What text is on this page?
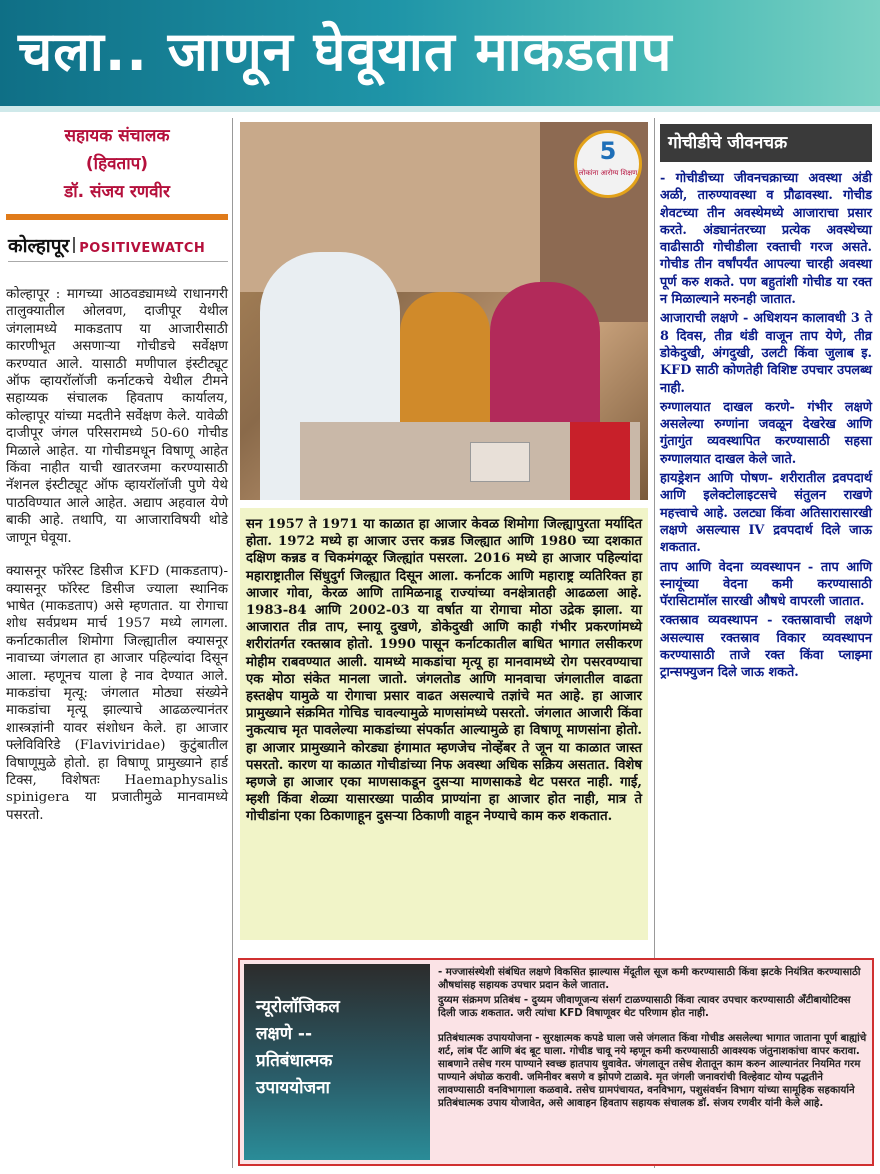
चला.. जाणून घेवूयात माकडताप
सहायक संचालक
(हिवताप)
डॉ. संजय रणवीर
कोल्हापूर POSITIVEWATCH

कोल्हापूर : मागच्या आठवड्यामध्ये राधानगरी तालुक्यातील ओलवण, दाजीपूर येथील जंगलामध्ये माकडताप या आजारीसाठी कारणीभूत असणाऱ्या गोचीडचे सर्वेक्षण करण्यात आले. यासाठी मणीपाल इंस्टीट्यूट ऑफ व्हायरॉलॉजी कर्नाटकचे येथील टीमने सहाय्यक संचालक हिवताप कार्यालय, कोल्हापूर यांच्या मदतीने सर्वेक्षण केले. यावेळी दाजीपूर जंगल परिसरामध्ये 50-60 गोचीड मिळाले आहेत. या गोचीडमधून विषाणू आहेत किंवा नाहीत याची खातरजमा करण्यासाठी नॅशनल इंस्टीट्यूट ऑफ व्हायरॉलॉजी पुणे येथे पाठविण्यात आले आहेत. अद्याप अहवाल येणे बाकी आहे. तथापि, या आजाराविषयी थोडे जाणून घेवूया.

क्यासनूर फॉरेस्ट डिसीज KFD (माकडताप)- क्यासनूर फॉरेस्ट डिसीज ज्याला स्थानिक भाषेत (माकडताप) असे म्हणतात. या रोगाचा शोध सर्वप्रथम मार्च 1957 मध्ये लागला. कर्नाटकातील शिमोगा जिल्ह्यातील क्यासनूर नावाच्या जंगलात हा आजार पहिल्यांदा दिसून आला. म्हणूनच याला हे नाव देण्यात आले. माकडांचा मृत्यू: जंगलात मोठ्या संख्येने माकडांचा मृत्यू झाल्याचे आढळल्यानंतर शास्त्रज्ञांनी यावर संशोधन केले. हा आजार फ्लेविविरिडे (Flaviviridae) कुटुंबातील विषाणूमुळे होतो. हा विषाणू प्रामुख्याने हार्ड टिक्स, विशेषतः Haemaphysalis spinigera या प्रजातीमुळे मानवामध्ये पसरतो.

5
लोकांना आरोग्य शिक्षण
सन 1957 ते 1971 या काळात हा आजार केवळ शिमोगा जिल्ह्यापुरता मर्यादित होता. 1972 मध्ये हा आजार उत्तर कन्नड जिल्ह्यात आणि 1980 च्या दशकात दक्षिण कन्नड व चिकमंगळूर जिल्ह्यांत पसरला. 2016 मध्ये हा आजार पहिल्यांदा महाराष्ट्रातील सिंधुदुर्ग जिल्ह्यात दिसून आला. कर्नाटक आणि महाराष्ट्र व्यतिरिक्त हा आजार गोवा, केरळ आणि तामिळनाडू राज्यांच्या वनक्षेत्रातही आढळला आहे. 1983-84 आणि 2002-03 या वर्षात या रोगाचा मोठा उद्रेक झाला. या आजारात तीव्र ताप, स्नायू दुखणे, डोकेदुखी आणि काही गंभीर प्रकरणांमध्ये शरीरांतर्गत रक्तस्राव होतो. 1990 पासून कर्नाटकातील बाधित भागात लसीकरण मोहीम राबवण्यात आली. यामध्ये माकडांचा मृत्यू हा मानवामध्ये रोग पसरवण्याचा एक मोठा संकेत मानला जातो. जंगलतोड आणि मानवाचा जंगलातील वाढता हस्तक्षेप यामुळे या रोगाचा प्रसार वाढत असल्याचे तज्ञांचे मत आहे. हा आजार प्रामुख्याने संक्रमित गोचिड चावल्यामुळे माणसांमध्ये पसरतो. जंगलात आजारी किंवा नुकत्याच मृत पावलेल्या माकडांच्या संपर्कात आल्यामुळे हा विषाणू माणसांना होतो. हा आजार प्रामुख्याने कोरड्या हंगामात म्हणजेच नोव्हेंबर ते जून या काळात जास्त पसरतो. कारण या काळात गोचीडांच्या निफ अवस्था अधिक सक्रिय असतात. विशेष म्हणजे हा आजार एका माणसाकडून दुसऱ्या माणसाकडे थेट पसरत नाही. गाई, म्हशी किंवा शेळ्या यासारख्या पाळीव प्राण्यांना हा आजार होत नाही, मात्र ते गोचीडांना एका ठिकाणाहून दुसऱ्या ठिकाणी वाहून नेण्याचे काम करु शकतात.
गोचीडीचे जीवनचक्र

- गोचीडीच्या जीवनचक्राच्या अवस्था अंडी अळी, तारुण्यावस्था व प्रौढावस्था. गोचीड शेवटच्या तीन अवस्थेमध्ये आजाराचा प्रसार करते. अंड्यानंतरच्या प्रत्येक अवस्थेच्या वाढीसाठी गोचीडीला रक्ताची गरज असते. गोचीड तीन वर्षांपर्यंत आपल्या चारही अवस्था पूर्ण करु शकते. पण बहुतांशी गोचीड या रक्त न मिळाल्याने मरुनही जातात.

आजाराची लक्षणे - अधिशयन कालावधी 3 ते 8 दिवस, तीव्र थंडी वाजून ताप येणे, तीव्र डोकेदुखी, अंगदुखी, उलटी किंवा जुलाब इ. KFD साठी कोणतेही विशिष्ट उपचार उपलब्ध नाही.

रुग्णालयात दाखल करणे- गंभीर लक्षणे असलेल्या रुग्णांना जवळून देखरेख आणि गुंतागुंत व्यवस्थापित करण्यासाठी सहसा रुग्णालयात दाखल केले जाते.

हायड्रेशन आणि पोषण- शरीरातील द्रवपदार्थ आणि इलेक्टोलाइटसचे संतुलन राखणे महत्त्वाचे आहे. उलट्या किंवा अतिसारासारखी लक्षणे असल्यास IV द्रवपदार्थ दिले जाऊ शकतात.

ताप आणि वेदना व्यवस्थापन - ताप आणि स्नायूंच्या वेदना कमी करण्यासाठी पॅरासिटामॉल सारखी औषधे वापरली जातात.

रक्तस्राव व्यवस्थापन - रक्तस्रावाची लक्षणे असल्यास रक्तस्राव विकार व्यवस्थापन करण्यासाठी ताजे रक्त किंवा प्लाझ्मा ट्रान्सफ्युजन दिले जाऊ शकते.

न्यूरोलॉजिकल
लक्षणे --
प्रतिबंधात्मक
उपाययोजना

- मज्जासंस्थेशी संबंधित लक्षणे विकसित झाल्यास मेंदूतील सूज कमी करण्यासाठी किंवा झटके नियंत्रित करण्यासाठी औषधांसह सहायक उपचार प्रदान केले जातात.

दुय्यम संक्रमण प्रतिबंध - दुय्यम जीवाणूजन्य संसर्ग टाळण्यासाठी किंवा त्यावर उपचार करण्यासाठी अँटीबायोटिक्स दिली जाऊ शकतात. जरी त्यांचा KFD विषाणूवर थेट परिणाम होत नाही.

प्रतिबंधात्मक उपाययोजना - सुरक्षात्मक कपडे घाला जसे जंगलात किंवा गोचीड असलेल्या भागात जाताना पूर्ण बाह्यांचे शर्ट, लांब पँट आणि बंद बूट घाला. गोचीड चावू नये म्हणून कमी करण्यासाठी आवश्यक जंतुनाशकांचा वापर करावा. साबणाने तसेच गरम पाण्याने स्वच्छ हातपाय धुवावेत. जंगलातून तसेच शेतातून काम करुन आल्यानंतर नियमित गरम पाण्याने अंघोळ करावी. जमिनीवर बसणे व झोपणे टाळावे. मृत जंगली जनावरांची विल्हेवाट योग्य पद्धतीने लावण्यासाठी वनविभागाला कळवावे. तसेच ग्रामपंचायत, वनविभाग, पशुसंवर्धन विभाग यांच्या सामूहिक सहकार्याने प्रतिबंधात्मक उपाय योजावेत, असे आवाहन हिवताप सहायक संचालक डॉ. संजय रणवीर यांनी केले आहे.
